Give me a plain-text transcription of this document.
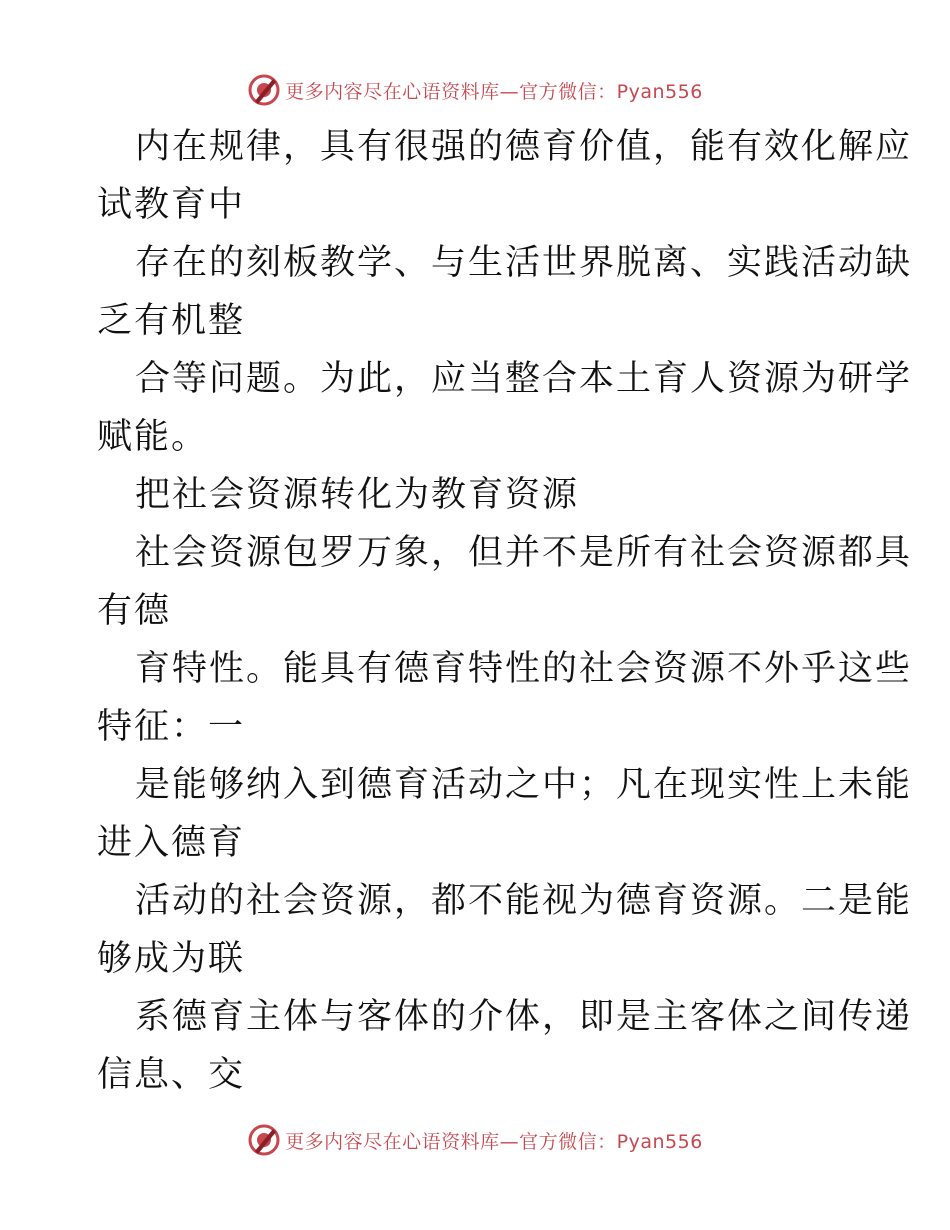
更多内容尽在心语资料库—官方微信：Pyan556
内在规律，具有很强的德育价值，能有效化解应
试教育中
存在的刻板教学、与生活世界脱离、实践活动缺
乏有机整
合等问题。为此，应当整合本土育人资源为研学
赋能。
把社会资源转化为教育资源
社会资源包罗万象，但并不是所有社会资源都具
有德
育特性。能具有德育特性的社会资源不外乎这些
特征：一
是能够纳入到德育活动之中；凡在现实性上未能
进入德育
活动的社会资源，都不能视为德育资源。二是能
够成为联
系德育主体与客体的介体，即是主客体之间传递
信息、交
更多内容尽在心语资料库—官方微信：Pyan556
